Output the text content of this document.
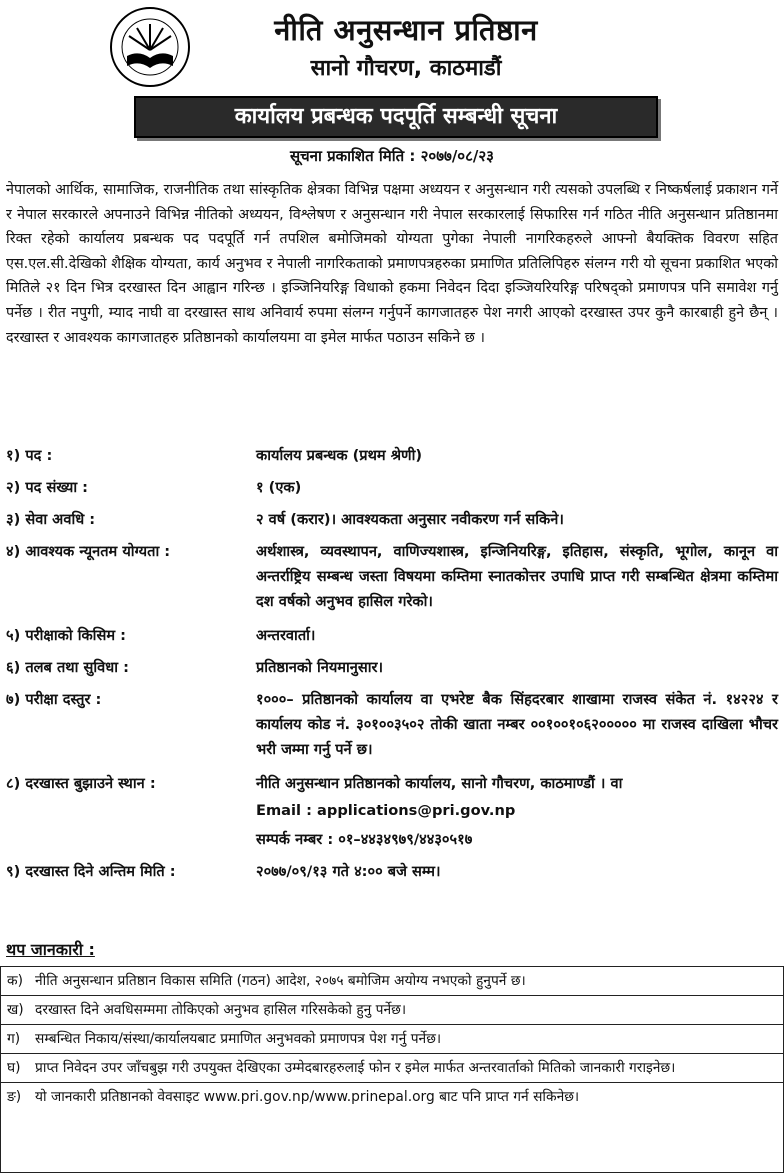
नीति अनुसन्धान प्रतिष्ठान
सानो गौचरण, काठमाडौं
कार्यालय प्रबन्धक पदपूर्ति सम्बन्धी सूचना
सूचना प्रकाशित मिति : २०७७/०८/२३
नेपालको आर्थिक, सामाजिक, राजनीतिक तथा सांस्कृतिक क्षेत्रका विभिन्न पक्षमा अध्ययन र अनुसन्धान गरी त्यसको उपलब्धि र निष्कर्षलाई प्रकाशन गर्ने र नेपाल सरकारले अपनाउने विभिन्न नीतिको अध्ययन, विश्लेषण र अनुसन्धान गरी नेपाल सरकारलाई सिफारिस गर्न गठित नीति अनुसन्धान प्रतिष्ठानमा रिक्त रहेको कार्यालय प्रबन्धक पद पदपूर्ति गर्न तपशिल बमोजिमको योग्यता पुगेका नेपाली नागरिकहरुले आफ्नो बैयक्तिक विवरण सहित एस.एल.सी.देखिको शैक्षिक योग्यता, कार्य अनुभव र नेपाली नागरिकताको प्रमाणपत्रहरुका प्रमाणित प्रतिलिपिहरु संलग्न गरी यो सूचना प्रकाशित भएको मितिले २१ दिन भित्र दरखास्त दिन आह्वान गरिन्छ । इञ्जिनियरिङ्ग विधाको हकमा निवेदन दिदा इञ्जियरियरिङ्ग परिषद्को प्रमाणपत्र पनि समावेश गर्नु पर्नेछ । रीत नपुगी, म्याद नाघी वा दरखास्त साथ अनिवार्य रुपमा संलग्न गर्नुपर्ने कागजातहरु पेश नगरी आएको दरखास्त उपर कुनै कारबाही हुने छैन् । दरखास्त र आवश्यक कागजातहरु प्रतिष्ठानको कार्यालयमा वा इमेल मार्फत पठाउन सकिने छ ।
१) पद :	कार्यालय प्रबन्धक (प्रथम श्रेणी)
२) पद संख्या :	१ (एक)
३) सेवा अवधि :	२ वर्ष (करार)। आवश्यकता अनुसार नवीकरण गर्न सकिने।
४) आवश्यक न्यूनतम योग्यता :	अर्थशास्त्र, व्यवस्थापन, वाणिज्यशास्त्र, इन्जिनियरिङ्ग, इतिहास, संस्कृति, भूगोल, कानून वा अन्तर्राष्ट्रिय सम्बन्ध जस्ता विषयमा कम्तिमा स्नातकोत्तर उपाधि प्राप्त गरी सम्बन्धित क्षेत्रमा कम्तिमा दश वर्षको अनुभव हासिल गरेको।
५) परीक्षाको किसिम :	अन्तरवार्ता।
६) तलब तथा सुविधा :	प्रतिष्ठानको नियमानुसार।
७) परीक्षा दस्तुर :	१०००– प्रतिष्ठानको कार्यालय वा एभरेष्ट बैक सिंहदरबार शाखामा राजस्व संकेत नं. १४२२४ र कार्यालय कोड नं. ३०१००३५०२ तोकी खाता नम्बर ००१००१०६२००००० मा राजस्व दाखिला भौचर भरी जम्मा गर्नु पर्ने छ।
८) दरखास्त बुझाउने स्थान :	नीति अनुसन्धान प्रतिष्ठानको कार्यालय, सानो गौचरण, काठमाण्डौं । वा
Email : applications@pri.gov.np
सम्पर्क नम्बर : ०१–४४३४९७९/४४३०५१७
९) दरखास्त दिने अन्तिम मिति :	२०७७/०९/१३ गते ४:०० बजे सम्म।
थप जानकारी :
क) नीति अनुसन्धान प्रतिष्ठान विकास समिति (गठन) आदेश, २०७५ बमोजिम अयोग्य नभएको हुनुपर्ने छ।
ख) दरखास्त दिने अवधिसम्ममा तोकिएको अनुभव हासिल गरिसकेको हुनु पर्नेछ।
ग)	सम्बन्धित निकाय/संस्था/कार्यालयबाट प्रमाणित अनुभवको प्रमाणपत्र पेश गर्नु पर्नेछ।
घ)	प्राप्त निवेदन उपर जाँचबुझ गरी उपयुक्त देखिएका उम्मेदबारहरुलाई फोन र इमेल मार्फत अन्तरवार्ताको मितिको जानकारी गराइनेछ।
ङ)	यो जानकारी प्रतिष्ठानको वेवसाइट www.pri.gov.np/www.prinepal.org बाट पनि प्राप्त गर्न सकिनेछ।
